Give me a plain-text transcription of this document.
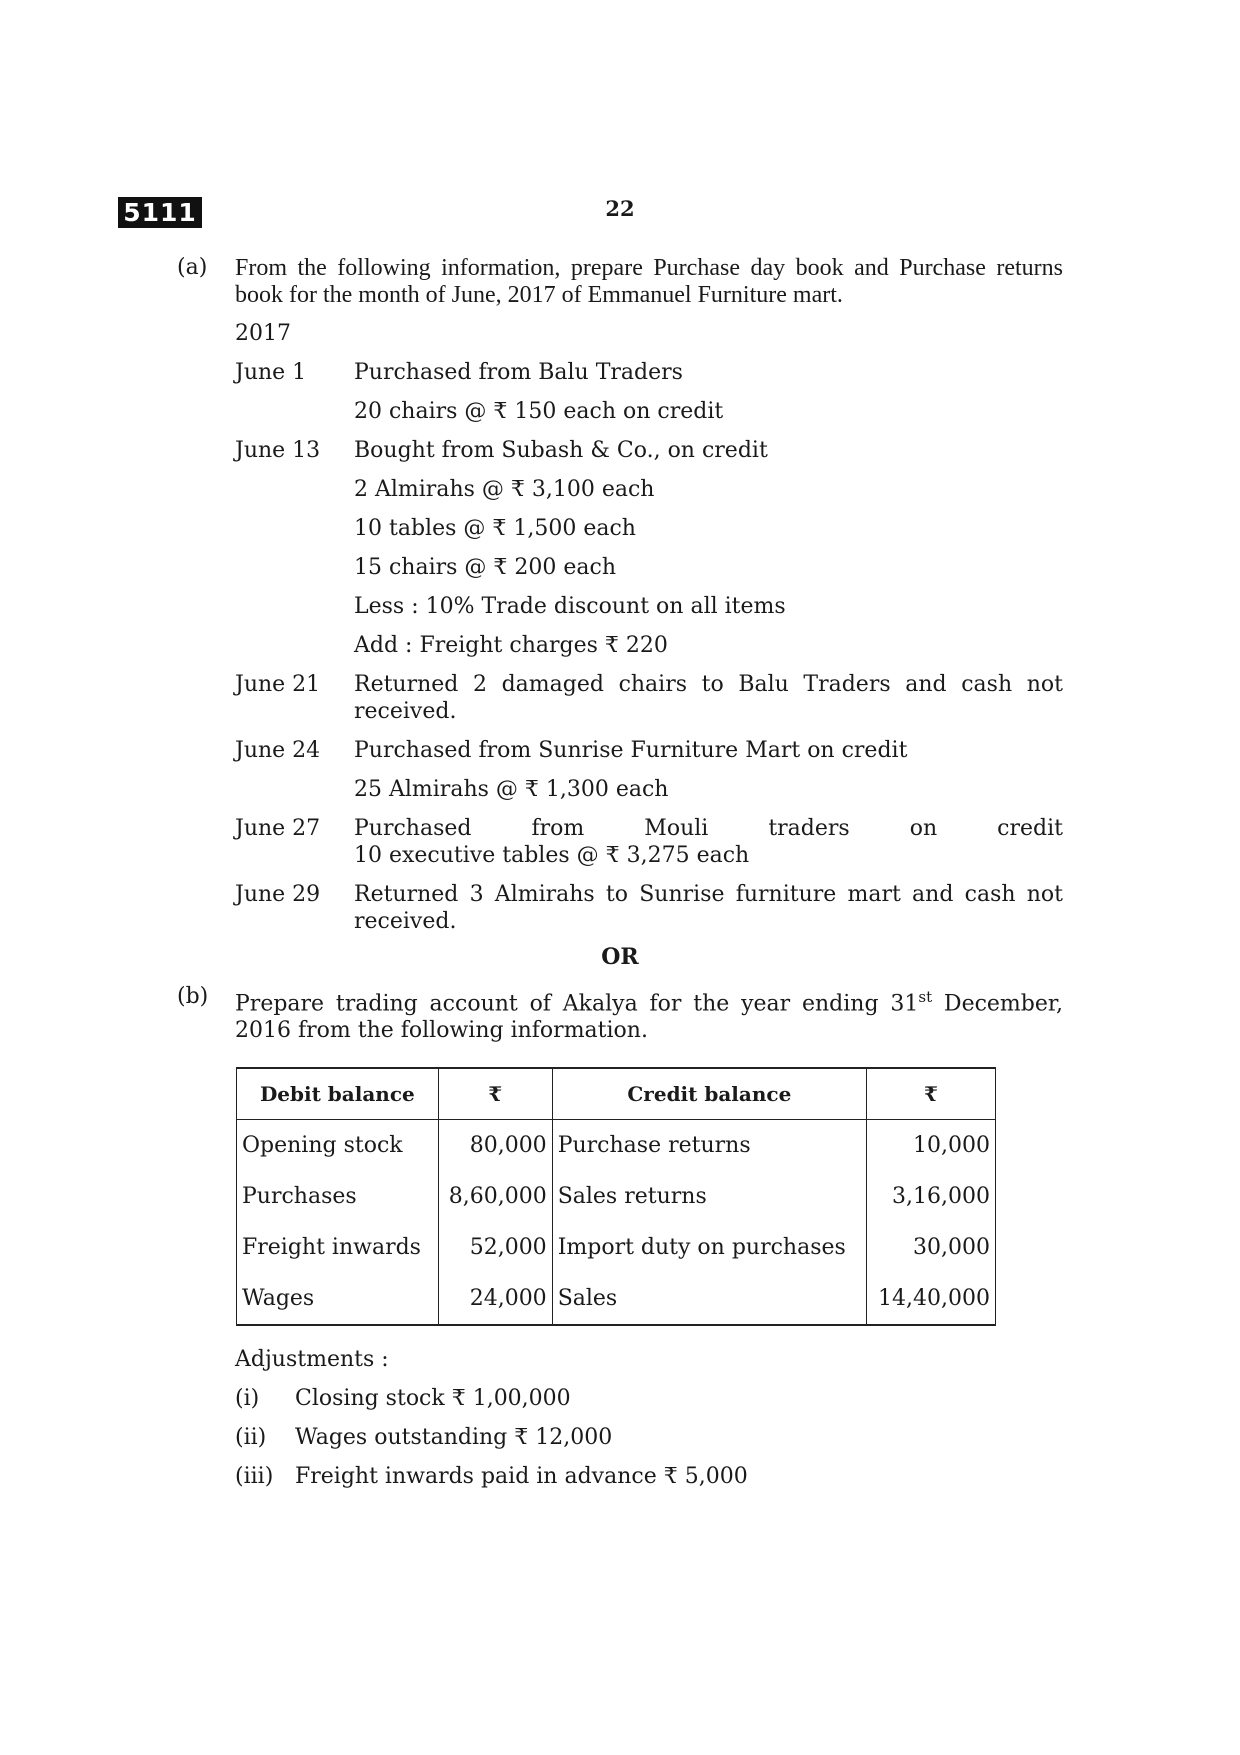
5111	22
(a) From the following information, prepare Purchase day book and Purchase returns book for the month of June, 2017 of Emmanuel Furniture mart.
2017
June 1 Purchased from Balu Traders
20 chairs @ ₹ 150 each on credit
June 13 Bought from Subash & Co., on credit
2 Almirahs @ ₹ 3,100 each
10 tables @ ₹ 1,500 each
15 chairs @ ₹ 200 each
Less : 10% Trade discount on all items
Add : Freight charges ₹ 220
June 21 Returned 2 damaged chairs to Balu Traders and cash not received.
June 24 Purchased from Sunrise Furniture Mart on credit
25 Almirahs @ ₹ 1,300 each
June 27 Purchased	from	Mouli	traders	on	credit
10 executive tables @ ₹ 3,275 each
June 29 Returned 3 Almirahs to Sunrise furniture mart and cash not received.
OR
(b) Prepare trading account of Akalya for the year ending 31st December, 2016 from the following information.
Debit balance	₹	Credit balance	₹
Opening stock	80,000	Purchase returns	10,000
Purchases	8,60,000	Sales returns	3,16,000
Freight inwards	52,000	Import duty on purchases	30,000
Wages	24,000	Sales	14,40,000
Adjustments :
(i) Closing stock ₹ 1,00,000
(ii) Wages outstanding ₹ 12,000
(iii) Freight inwards paid in advance ₹ 5,000
